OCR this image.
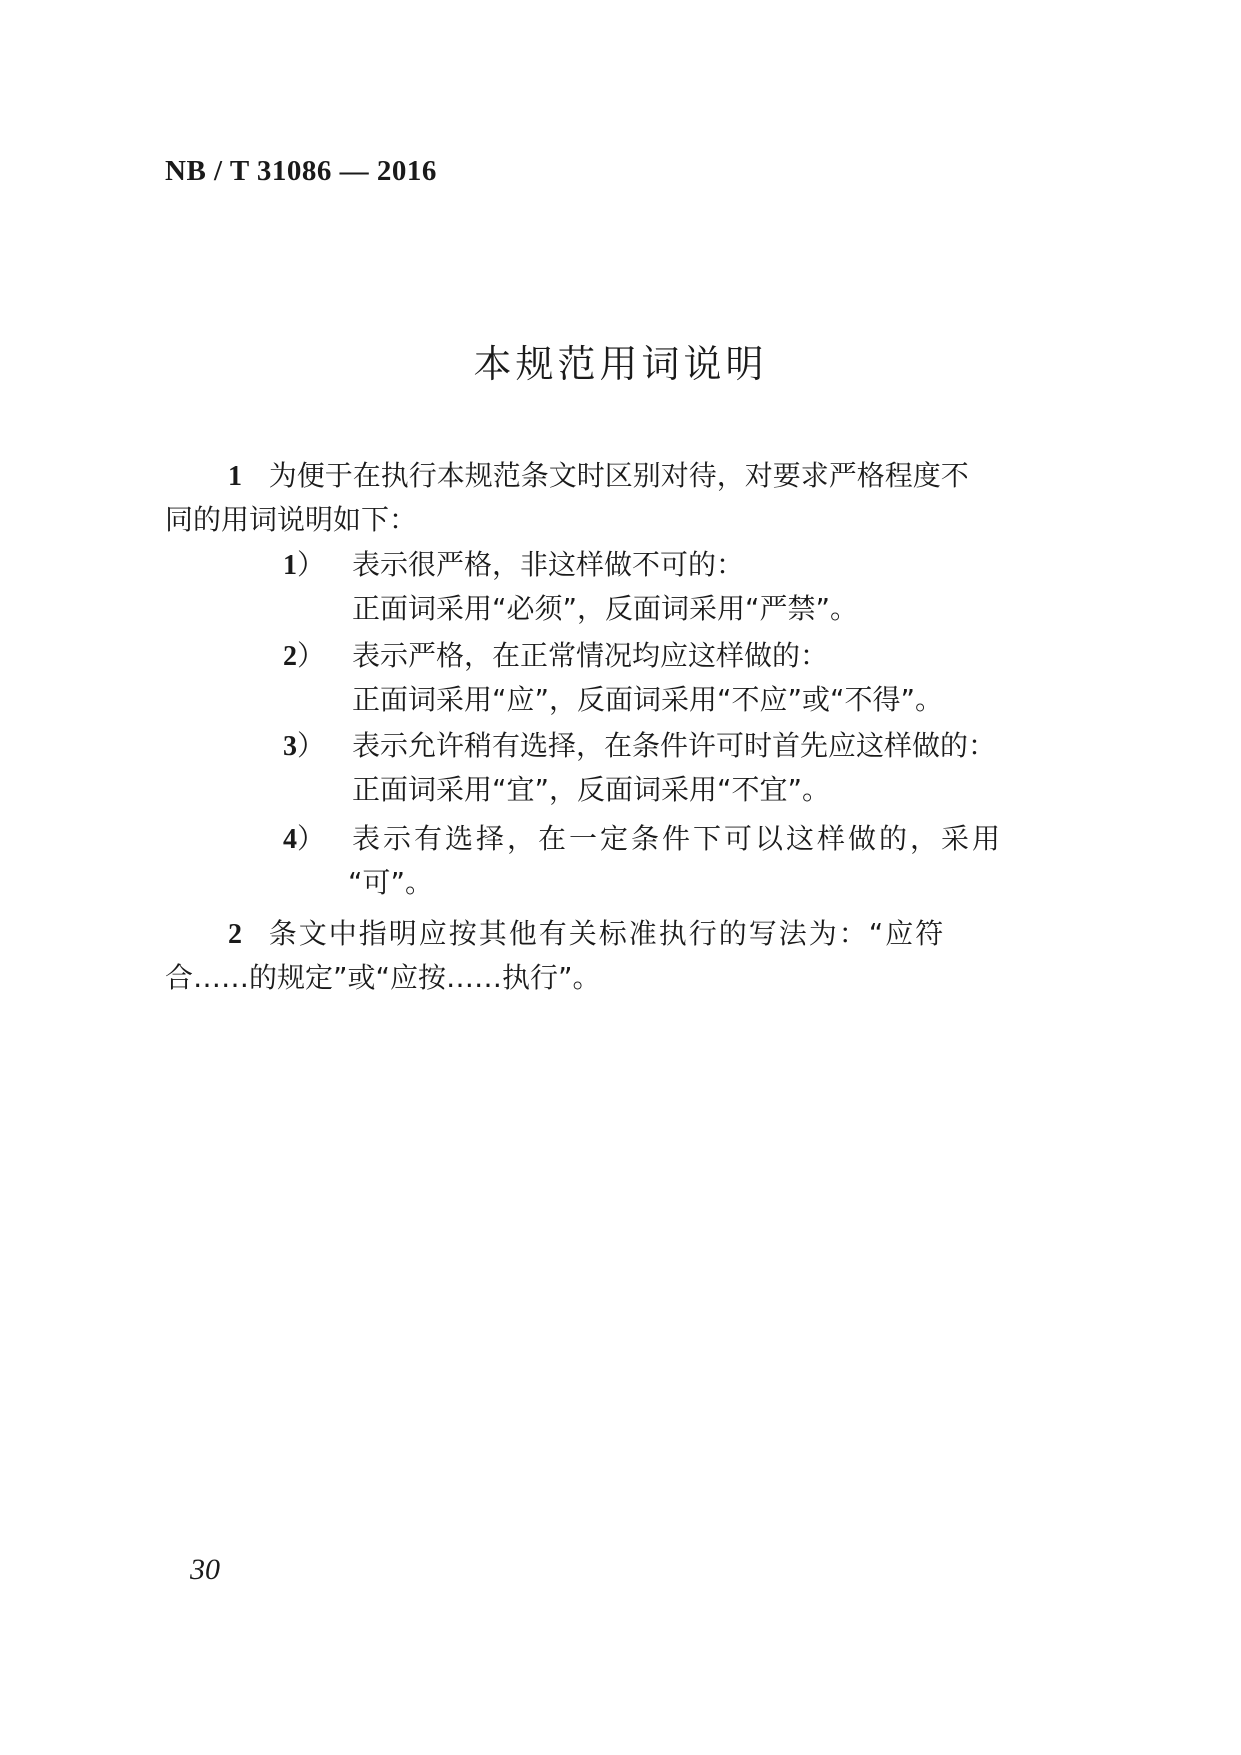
NB / T 31086 — 2016
本规范用词说明
1 为便于在执行本规范条文时区别对待，对要求严格程度不
同的用词说明如下：
1） 表示很严格，非这样做不可的：
正面词采用“必须”，反面词采用“严禁”。
2） 表示严格，在正常情况均应这样做的：
正面词采用“应”，反面词采用“不应”或“不得”。
3） 表示允许稍有选择，在条件许可时首先应这样做的：
正面词采用“宜”，反面词采用“不宜”。
4） 表示有选择，在一定条件下可以这样做的，采用
“可”。
2 条文中指明应按其他有关标准执行的写法为：“应符
合……的规定”或“应按……执行”。
30
